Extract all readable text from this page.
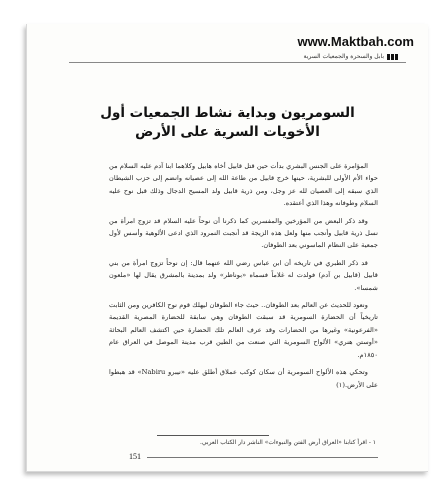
www.Maktbah.com
بابل والسحرة والجمعيات السرية
السومريون وبداية نشاط الجمعيات أول الأخويات السرية على الأرض

المؤامرة على الجنس البشري بدأت حين قتل قابيل أخاه هابيل وكلاهما ابنا آدم عليه السلام من حواء الأم الأولى للبشرية، حينها خرج قابيل من طاعة الله إلى عصيانه وانضم إلى حزب الشيطان الذي سبقه إلى العصيان لله عز وجل، ومن ذرية قابيل ولد المسيح الدجال وذلك قبل نوح عليه السلام وطوفانه وهذا الذي أعتقده.

وقد ذكر البعض من المؤرخين والمفسرين كما ذكرنا أن نوحاً عليه السلام قد تزوج امرأة من نسل ذرية قابيل وأنجب منها ولعل هذه الزيجة قد أنجبت النمرود الذي ادعى الألوهية وأسس لأول جمعية على النظام الماسوني بعد الطوفان.

قد ذكر الطبري في تاريخه أن ابن عباس رضي الله عنهما قال: إن نوحاً تزوج امرأة من بني قابيل (قابيل بن آدم) فولدت له غلاماً فسماه «بوناظر» ولد بمدينة بالمشرق يقال لها «ملعون شمسا».

ونعود للحديث عن العالم بعد الطوفان.. حيث جاء الطوفان ليهلك قوم نوح الكافرين ومن الثابت تاريخياً أن الحضارة السومرية قد سبقت الطوفان وهي سابقة للحضارة المصرية القديمة «الفرعونية» وغيرها من الحضارات وقد عرف العالم تلك الحضارة حين اكتشف العالم البحاثة «أوستن هنري» الألواح السومرية التي صنعت من الطين قرب مدينة الموصل في العراق عام ١٨٥٠م.

وتحكي هذه الألواح السومرية أن سكان كوكب عملاق أطلق عليه «نيبرو Nabiru» قد هبطوا على الأرض.(١)

١ - اقرأ كتابنا «العراق أرض الفتن والنبوءات» الناشر دار الكتاب العربي.
151
